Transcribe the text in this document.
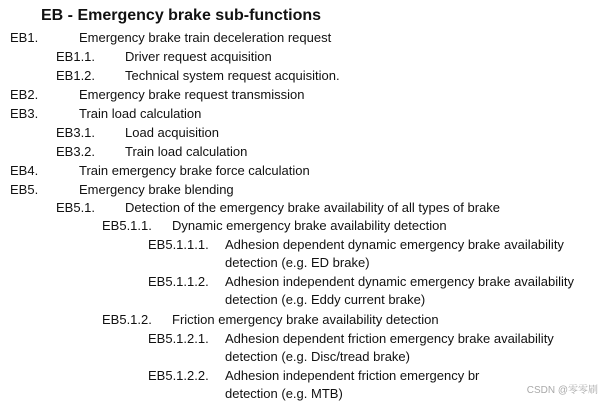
EB - Emergency brake sub-functions
EB1.	Emergency brake train deceleration request
EB1.1. Driver request acquisition
EB1.2. Technical system request acquisition.
EB2.	Emergency brake request transmission
EB3.	Train load calculation
EB3.1. Load acquisition
EB3.2. Train load calculation
EB4.	Train emergency brake force calculation
EB5.	Emergency brake blending
EB5.1. Detection of the emergency brake availability of all types of brake
EB5.1.1. Dynamic emergency brake availability detection
EB5.1.1.1. Adhesion dependent dynamic emergency brake availability
detection (e.g. ED brake)
EB5.1.1.2. Adhesion independent dynamic emergency brake availability
detection (e.g. Eddy current brake)
EB5.1.2. Friction emergency brake availability detection
EB5.1.2.1. Adhesion dependent friction emergency brake availability
detection (e.g. Disc/tread brake)
EB5.1.2.2. Adhesion independent friction emergency br
detection (e.g. MTB)	CSDN @零零刷
